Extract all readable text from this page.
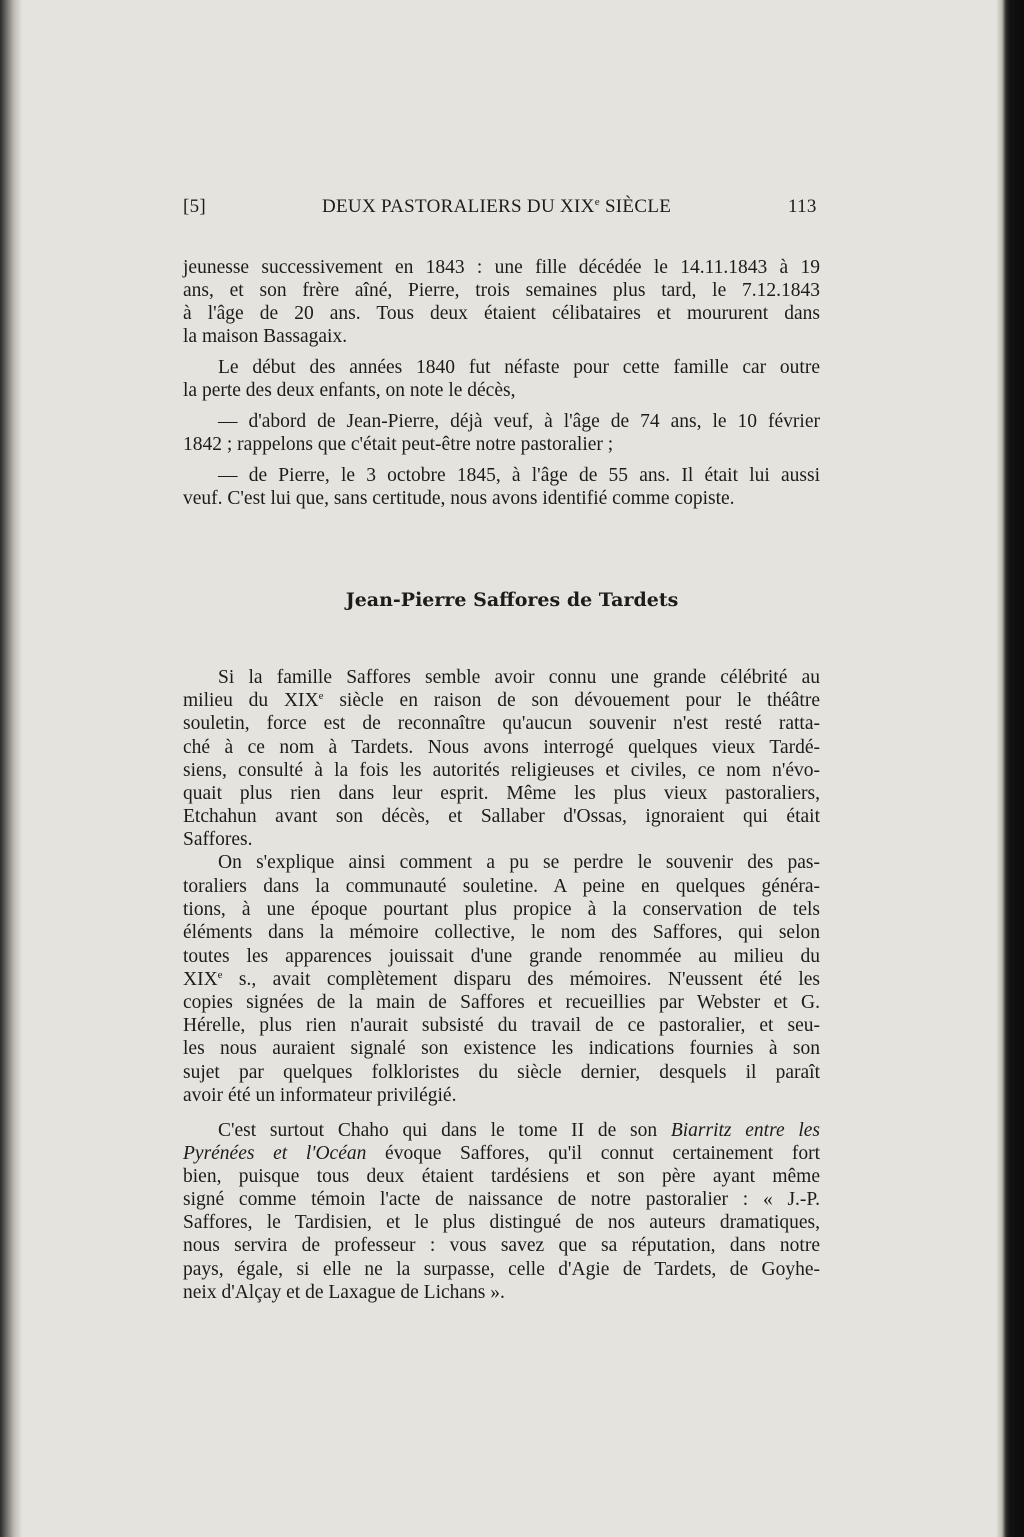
[5]	DEUX PASTORALIERS DU XIXe SIÈCLE	113
Jean-Pierre Saffores de Tardets
jeunesse successivement en 1843 : une fille décédée le 14.11.1843 à 19
ans, et son frère aîné, Pierre, trois semaines plus tard, le 7.12.1843
à l'âge de 20 ans. Tous deux étaient célibataires et moururent dans
la maison Bassagaix.
Le début des années 1840 fut néfaste pour cette famille car outre
la perte des deux enfants, on note le décès,
— d'abord de Jean-Pierre, déjà veuf, à l'âge de 74 ans, le 10 février
1842 ; rappelons que c'était peut-être notre pastoralier ;
— de Pierre, le 3 octobre 1845, à l'âge de 55 ans. Il était lui aussi
veuf. C'est lui que, sans certitude, nous avons identifié comme copiste.
Si la famille Saffores semble avoir connu une grande célébrité au
milieu du XIXe siècle en raison de son dévouement pour le théâtre
souletin, force est de reconnaître qu'aucun souvenir n'est resté ratta-
ché à ce nom à Tardets. Nous avons interrogé quelques vieux Tardé-
siens, consulté à la fois les autorités religieuses et civiles, ce nom n'évo-
quait plus rien dans leur esprit. Même les plus vieux pastoraliers,
Etchahun avant son décès, et Sallaber d'Ossas, ignoraient qui était
Saffores.
On s'explique ainsi comment a pu se perdre le souvenir des pas-
toraliers dans la communauté souletine. A peine en quelques généra-
tions, à une époque pourtant plus propice à la conservation de tels
éléments dans la mémoire collective, le nom des Saffores, qui selon
toutes les apparences jouissait d'une grande renommée au milieu du
XIXe s., avait complètement disparu des mémoires. N'eussent été les
copies signées de la main de Saffores et recueillies par Webster et G.
Hérelle, plus rien n'aurait subsisté du travail de ce pastoralier, et seu-
les nous auraient signalé son existence les indications fournies à son
sujet par quelques folkloristes du siècle dernier, desquels il paraît
avoir été un informateur privilégié.
C'est surtout Chaho qui dans le tome II de son Biarritz entre les
Pyrénées et l'Océan évoque Saffores, qu'il connut certainement fort
bien, puisque tous deux étaient tardésiens et son père ayant même
signé comme témoin l'acte de naissance de notre pastoralier : « J.-P.
Saffores, le Tardisien, et le plus distingué de nos auteurs dramatiques,
nous servira de professeur : vous savez que sa réputation, dans notre
pays, égale, si elle ne la surpasse, celle d'Agie de Tardets, de Goyhe-
neix d'Alçay et de Laxague de Lichans ».
